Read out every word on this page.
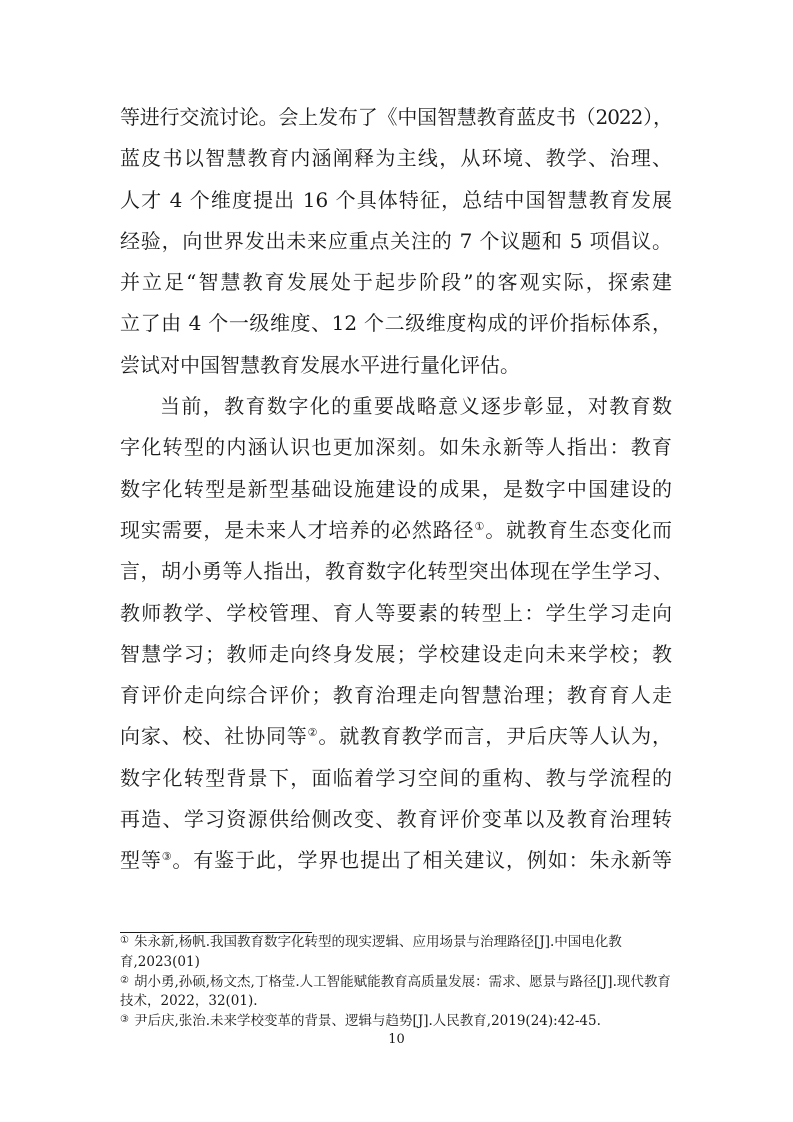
等进行交流讨论。会上发布了《中国智慧教育蓝皮书（2022），
蓝皮书以智慧教育内涵阐释为主线，从环境、教学、治理、
人才 4 个维度提出 16 个具体特征，总结中国智慧教育发展
经验，向世界发出未来应重点关注的 7 个议题和 5 项倡议。
并立足“智慧教育发展处于起步阶段”的客观实际，探索建
立了由 4 个一级维度、12 个二级维度构成的评价指标体系，
尝试对中国智慧教育发展水平进行量化评估。
当前，教育数字化的重要战略意义逐步彰显，对教育数
字化转型的内涵认识也更加深刻。如朱永新等人指出：教育
数字化转型是新型基础设施建设的成果，是数字中国建设的
现实需要，是未来人才培养的必然路径①。就教育生态变化而
言，胡小勇等人指出，教育数字化转型突出体现在学生学习、
教师教学、学校管理、育人等要素的转型上：学生学习走向
智慧学习；教师走向终身发展；学校建设走向未来学校；教
育评价走向综合评价；教育治理走向智慧治理；教育育人走
向家、校、社协同等②。就教育教学而言，尹后庆等人认为，
数字化转型背景下，面临着学习空间的重构、教与学流程的
再造、学习资源供给侧改变、教育评价变革以及教育治理转
型等③。有鉴于此，学界也提出了相关建议，例如：朱永新等

① 朱永新,杨帆.我国教育数字化转型的现实逻辑、应用场景与治理路径[J].中国电化教育,2023(01)

② 胡小勇,孙硕,杨文杰,丁格莹.人工智能赋能教育高质量发展：需求、愿景与路径[J].现代教育技术，2022，32(01).

③ 尹后庆,张治.未来学校变革的背景、逻辑与趋势[J].人民教育,2019(24):42-45.

10
